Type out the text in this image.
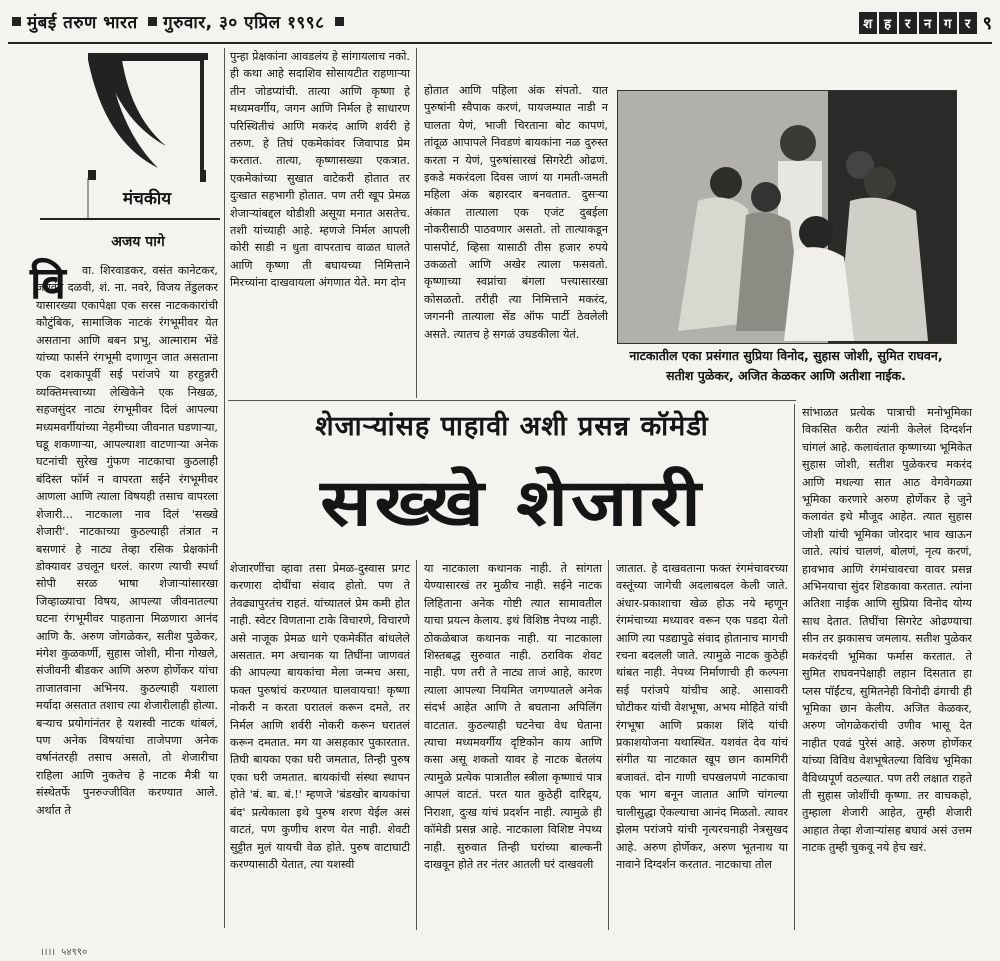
मुंबई तरुण भारत गुरुवार, ३० एप्रिल १९९८	श ह	र	न ग	र ९
मंचकीय
अजय पागे
वि	वा. शिरवाडकर, वसंत कानेटकर, जयवंत दळवी, शं. ना. नवरे, विजय तेंडुलकर यासारख्या एकापेक्षा एक सरस नाटककारांची कौटुंबिक, सामाजिक नाटकं रंगभूमीवर येत असताना आणि बबन प्रभु, आत्माराम भेंडे यांच्या फार्सने रंगभूमी दणाणून जात असताना एक दशकापूर्वी सई परांजपे या हरहुन्नरी व्यक्तिमत्त्वाच्या लेखिकेने एक निखळ, सहजसुंदर नाट्य रंगभूमीवर दिलं आपल्या मध्यमवर्गीयांच्या नेहमीच्या जीवनात घडणाऱ्या, घडू शकणाऱ्या, आपल्याशा वाटणाऱ्या अनेक घटनांची सुरेख गुंफण नाटकाचा कुठलाही बंदिस्त फॉर्म न वापरता सईने रंगभूमीवर आणला आणि त्याला विषयही तसाच वापरला शेजारी... नाटकाला नाव दिलं 'सख्खे शेजारी'. नाटकाच्या कुठल्याही तंत्रात न बसणारं हे नाट्य तेव्हा रसिक प्रेक्षकांनी डोक्यावर उचलून धरलं. कारण त्याची स्पर्धा सोपी सरळ भाषा शेजाऱ्यांसारखा जिव्हाळ्याचा विषय, आपल्या जीवनातल्या घटना रंगभूमीवर पाहताना मिळणारा आनंद आणि कै. अरुण जोगळेकर, सतीश पुळेकर, मंगेश कुळकर्णी, सुहास जोशी, मीना गोखले, संजीवनी बीडकर आणि अरुण होर्णेकर यांचा ताजातवाना अभिनय. कुठल्याही यशाला मर्यादा असतात तशाच त्या शेजारीलाही होत्या. बऱ्याच प्रयोगांनंतर हे यशस्वी नाटक थांबलं, पण अनेक विषयांचा ताजेपणा अनेक वर्षानंतरही तसाच असतो, तो शेजारीचा राहिला आणि नुकतेच हे नाटक मैत्री या संस्थेतर्फे पुनरुज्जीवित करण्यात आले. अर्थात ते
पुन्हा प्रेक्षकांना आवडलंय हे सांगायलाच नको. ही कथा आहे सदाशिव सोसायटीत राहणाऱ्या तीन जोडप्यांची. तात्या आणि कृष्णा हे मध्यमवर्गीय, जगन आणि निर्मल हे साधारण परिस्थितीचं आणि मकरंद आणि शर्वरी हे तरुण. हे तिघं एकमेकांवर जिवापाड प्रेम करतात. तात्या, कृष्णासख्या एकत्रात. एकमेकांच्या सुखात वाटेकरी होतात तर दुःखात सहभागी होतात. पण तरी खूप प्रेमळ शेजाऱ्यांबद्दल थोडीशी असूया मनात असतेच. तशी यांच्याही आहे. म्हणजे निर्मल आपली कोरी साडी न धुता वापरताच वाळत घालते आणि कृष्णा ती बघायच्या निमित्ताने मिरच्यांना दाखवायला अंगणात येते. मग दोन
होतात आणि पहिला अंक संपतो. यात पुरुषांनी स्वैपाक करणं, पायजम्यात नाडी न घालता येणं, भाजी चिरताना बोट कापणं, तांदूळ आपापले निवडणं बायकांना नळ दुरुस्त करता न येणं, पुरुषांसारखं सिगरेटी ओढणं. इकडे मकरंदला दिवस जाणं या गमती-जमती महिला अंक बहारदार बनवतात. दुसऱ्या अंकात तात्याला एक एजंट दुबईला नोकरीसाठी पाठवणार असतो. तो तात्याकडून पासपोर्ट, व्हिसा यासाठी तीस हजार रुपये उकळतो आणि अखेर त्याला फसवतो. कृष्णाच्या स्वप्नांचा बंगला पत्त्यासारखा कोसळतो. तरीही त्या निमित्ताने मकरंद, जगननी तात्याला सेंड ऑफ पार्टी ठेवलेली असते. त्यातच हे सगळं उघडकीला येतं.
नाटकातील एका प्रसंगात सुप्रिया विनोद, सुहास जोशी, सुमित राघवन, सतीश पुळेकर, अजित केळकर आणि अतीशा नाईक.
शेजाऱ्यांसह पाहावी अशी प्रसन्न कॉमेडी
सख्खे शेजारी
शेजारणींचा व्हावा तसा प्रेमळ-दुस्वास प्रगट करणारा दोघींचा संवाद होतो. पण ते तेवढ्यापुरतंच राहतं. यांच्यातलं प्रेम कमी होत नाही. स्वेटर विणताना टाके विचारणे, विचारणे असे नाजूक प्रेमळ धागे एकमेकींत बांधलेले असतात. मग अचानक या तिघींना जाणवतं की आपल्या बायकांचा मेला जन्मच असा, फक्त पुरुषांचं करण्यात घालवायचा! कृष्णा नोकरी न करता घरातलं करून दमते, तर निर्मल आणि शर्वरी नोकरी करून घरातलं करून दमतात. मग या असहकार पुकारतात. तिघी बायका एका घरी जमतात, तिन्ही पुरुष एका घरी जमतात. बायकांची संस्था स्थापन होते 'बं. बा. बं.!' म्हणजे 'बंडखोर बायकांचा बंद' प्रत्येकाला इथे पुरुष शरण येईल असं वाटतं, पण कुणीच शरण येत नाही. शेवटी सुट्टीत मुलं यायची वेळ होते. पुरुष वाटाघाटी करण्यासाठी येतात, त्या यशस्वी
या नाटकाला कथानक नाही. ते सांगता येण्यासारखं तर मुळीच नाही. सईने नाटक लिहिताना अनेक गोष्टी त्यात सामावतील याचा प्रयत्न केलाय. इथं विशिष्ठ नेपथ्य नाही. ठोकळेबाज कथानक नाही. या नाटकाला शिस्तबद्ध सुरुवात नाही. ठराविक शेवट नाही. पण तरी ते नाट्य ताजं आहे, कारण त्याला आपल्या नियमित जगण्यातले अनेक संदर्भ आहेत आणि ते बघताना अपिलिंग वाटतात. कुठल्याही घटनेचा वेध घेताना त्याचा मध्यमवर्गीय दृष्टिकोन काय आणि कसा असू शकतो यावर हे नाटक बेतलंय त्यामुळे प्रत्येक पात्रातील स्त्रीला कृष्णाचं पात्र आपलं वाटतं. परत यात कुठेही दारिद्र्य, निराशा, दुःख यांचं प्रदर्शन नाही. त्यामुळे ही कॉमेडी प्रसन्न आहे. नाटकाला विशिष्ट नेपथ्य नाही. सुरुवात तिन्ही घरांच्या बाल्कनी दाखवून होते तर नंतर आतली घरं दाखवली
जातात. हे दाखवताना फक्त रंगमंचावरच्या वस्तूंच्या जागेची अदलाबदल केली जाते. अंधार-प्रकाशाचा खेळ होऊ नये म्हणून रंगमंचाच्या मध्यावर वरून एक पडदा येतो आणि त्या पडद्यापुढे संवाद होतानाच मागची रचना बदलली जाते. त्यामुळे नाटक कुठेही थांबत नाही. नेपथ्य निर्माणाची ही कल्पना सई परांजपे यांचीच आहे. आसावरी घोटीकर यांची वेशभूषा, अभय मोहिते यांची रंगभूषा आणि प्रकाश शिंदे यांची प्रकाशयोजना यथास्थित. यशवंत देव यांचं संगीत या नाटकात खूप छान कामगिरी बजावतं. दोन गाणी चपखलपणे नाटकाचा एक भाग बनून जातात आणि चांगल्या चालीसुद्धा ऐकल्याचा आनंद मिळतो. त्यावर झेलम परांजपे यांची नृत्यरचनाही नेत्रसुखद आहे. अरुण होर्णेकर, अरुण भूतनाथ या नावाने दिग्दर्शन करतात. नाटकाचा तोल
सांभाळत प्रत्येक पात्राची मनोभूमिका विकसित करीत त्यांनी केलेलं दिग्दर्शन चांगलं आहे. कलावंतात कृष्णाच्या भूमिकेत सुहास जोशी, सतीश पुळेकरच मकरंद आणि मधल्या सात आठ वेगवेगळ्या भूमिका करणारे अरुण होर्णेकर हे जुने कलावंत इथे मौजूद आहेत. त्यात सुहास जोशी यांची भूमिका जोरदार भाव खाऊन जाते. त्यांचं चालणं, बोलणं, नृत्य करणं, हावभाव आणि रंगमंचावरचा वावर प्रसन्न अभिनयाचा सुंदर शिडकावा करतात. त्यांना अतिशा नाईक आणि सुप्रिया विनोद योग्य साथ देतात. तिघींचा सिगरेट ओढण्याचा सीन तर झकासच जमलाय. सतीश पुळेकर मकरंदची भूमिका फर्मास करतात. ते सुमित राघवनपेक्षाही लहान दिसतात हा प्लस पॉईंटच, सुमितनेही विनोदी ढंगाची ही भूमिका छान केलीय. अजित केळकर, अरुण जोगळेकरांची उणीव भासू देत नाहीत एवढं पुरेसं आहे. अरुण होर्णेकर यांच्या विविध वेशभूषेतल्या विविध भूमिका वैविध्यपूर्ण वठल्यात. पण तरी लक्षात राहते ती सुहास जोशींची कृष्णा. तर वाचकहो, तुम्हाला शेजारी आहेत, तुम्ही शेजारी आहात तेव्हा शेजाऱ्यांसह बघावं असं उत्तम नाटक तुम्ही चुकवू नये हेच खरं.
।।।। ५४९९०
